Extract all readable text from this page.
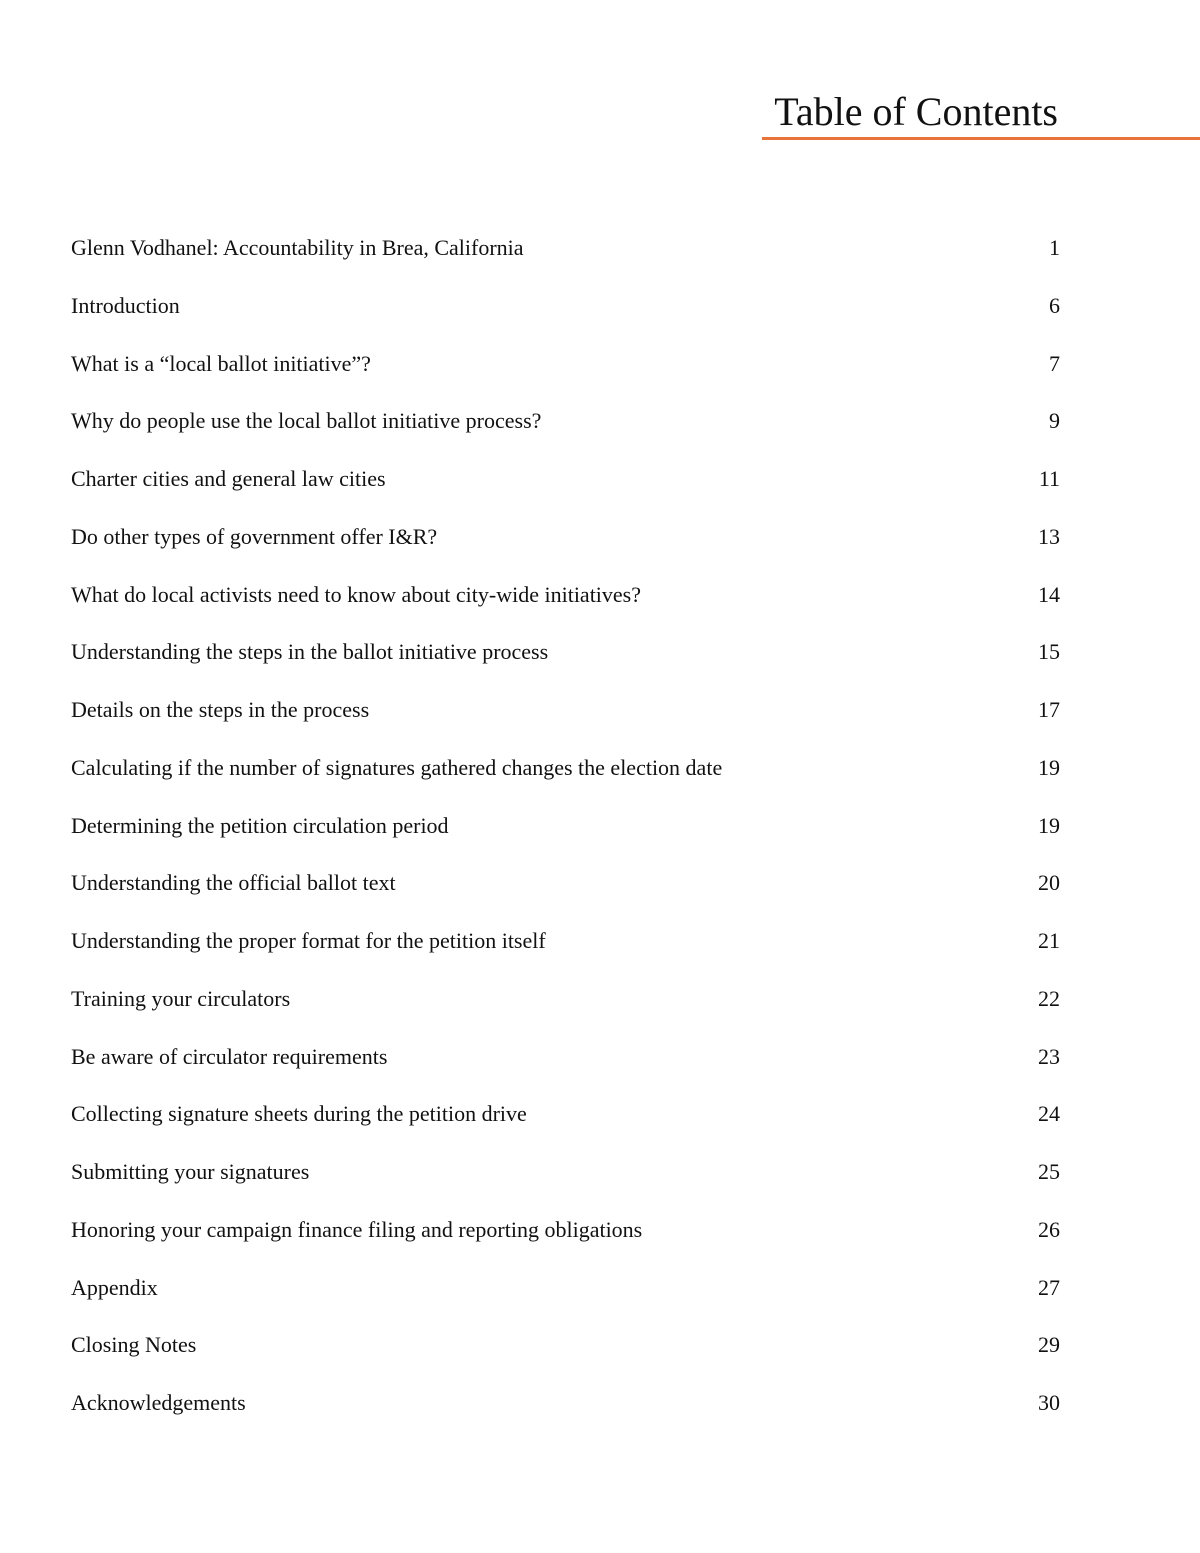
Table of Contents
Glenn Vodhanel: Accountability in Brea, California	1
Introduction	6
What is a “local ballot initiative”?	7
Why do people use the local ballot initiative process?	9
Charter cities and general law cities	11
Do other types of government offer I&R?	13
What do local activists need to know about city-wide initiatives?	14
Understanding the steps in the ballot initiative process	15
Details on the steps in the process	17
Calculating if the number of signatures gathered changes the election date	19
Determining the petition circulation period	19
Understanding the official ballot text	20
Understanding the proper format for the petition itself	21
Training your circulators	22
Be aware of circulator requirements	23
Collecting signature sheets during the petition drive	24
Submitting your signatures	25
Honoring your campaign finance filing and reporting obligations	26
Appendix	27
Closing Notes	29
Acknowledgements	30
